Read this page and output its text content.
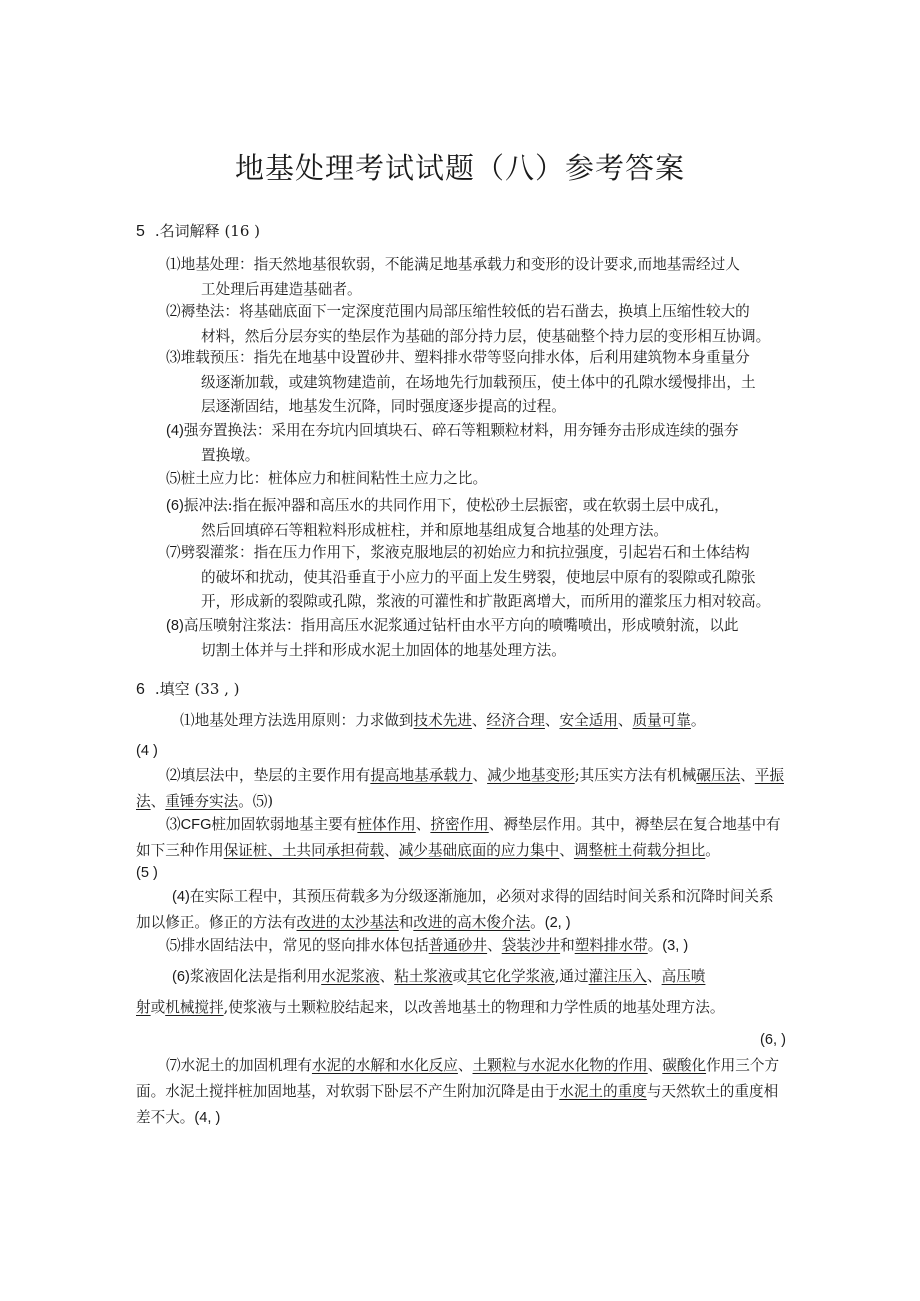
地基处理考试试题（八）参考答案
5 .名词解释 (16 )
⑴地基处理：指天然地基很软弱，不能满足地基承载力和变形的设计要求,而地基需经过人
工处理后再建造基础者。
⑵褥垫法：将基础底面下一定深度范围内局部压缩性较低的岩石凿去，换填上压缩性较大的
材料，然后分层夯实的垫层作为基础的部分持力层，使基础整个持力层的变形相互协调。
⑶堆载预压：指先在地基中设置砂井、塑料排水带等竖向排水体，后利用建筑物本身重量分
级逐渐加载，或建筑物建造前，在场地先行加载预压，使土体中的孔隙水缓慢排出，土
层逐渐固结，地基发生沉降，同时强度逐步提高的过程。
(4)强夯置换法：采用在夯坑内回填块石、碎石等粗颗粒材料，用夯锤夯击形成连续的强夯
置换墩。
⑸桩土应力比：桩体应力和桩间粘性土应力之比。
(6)振冲法:指在振冲器和高压水的共同作用下，使松砂土层振密，或在软弱土层中成孔，
然后回填碎石等粗粒料形成桩柱，并和原地基组成复合地基的处理方法。
⑺劈裂灌浆：指在压力作用下，浆液克服地层的初始应力和抗拉强度，引起岩石和土体结构
的破坏和扰动，使其沿垂直于小应力的平面上发生劈裂，使地层中原有的裂隙或孔隙张
开，形成新的裂隙或孔隙，浆液的可灌性和扩散距离增大，而所用的灌浆压力相对较高。
(8)高压喷射注浆法：指用高压水泥浆通过钻杆由水平方向的喷嘴喷出，形成喷射流，以此
切割土体并与土拌和形成水泥土加固体的地基处理方法。
6 .填空 (33 , )
⑴地基处理方法选用原则：力求做到技术先进、经济合理、安全适用、质量可靠。
(4 )
⑵填层法中，垫层的主要作用有提高地基承载力、减少地基变形;其压实方法有机械碾压法、平振法、重锤夯实法。⑸)
⑶CFG桩加固软弱地基主要有桩体作用、挤密作用、褥垫层作用。其中，褥垫层在复合地基中有如下三种作用保证桩、土共同承担荷载、减少基础底面的应力集中、调整桩土荷载分担比。
(5 )
(4)在实际工程中，其预压荷载多为分级逐渐施加，必须对求得的固结时间关系和沉降时间关系加以修正。修正的方法有改进的太沙基法和改进的高木俊介法。(2, )
⑸排水固结法中，常见的竖向排水体包括普通砂井、袋装沙井和塑料排水带。(3, )
(6)浆液固化法是指利用水泥浆液、粘土浆液或其它化学浆液,通过灌注压入、高压喷
射或机械搅拌,使浆液与土颗粒胶结起来，以改善地基土的物理和力学性质的地基处理方法。
(6, )
⑺水泥土的加固机理有水泥的水解和水化反应、土颗粒与水泥水化物的作用、碳酸化作用三个方面。水泥土搅拌桩加固地基，对软弱下卧层不产生附加沉降是由于水泥土的重度与天然软土的重度相差不大。(4, )
